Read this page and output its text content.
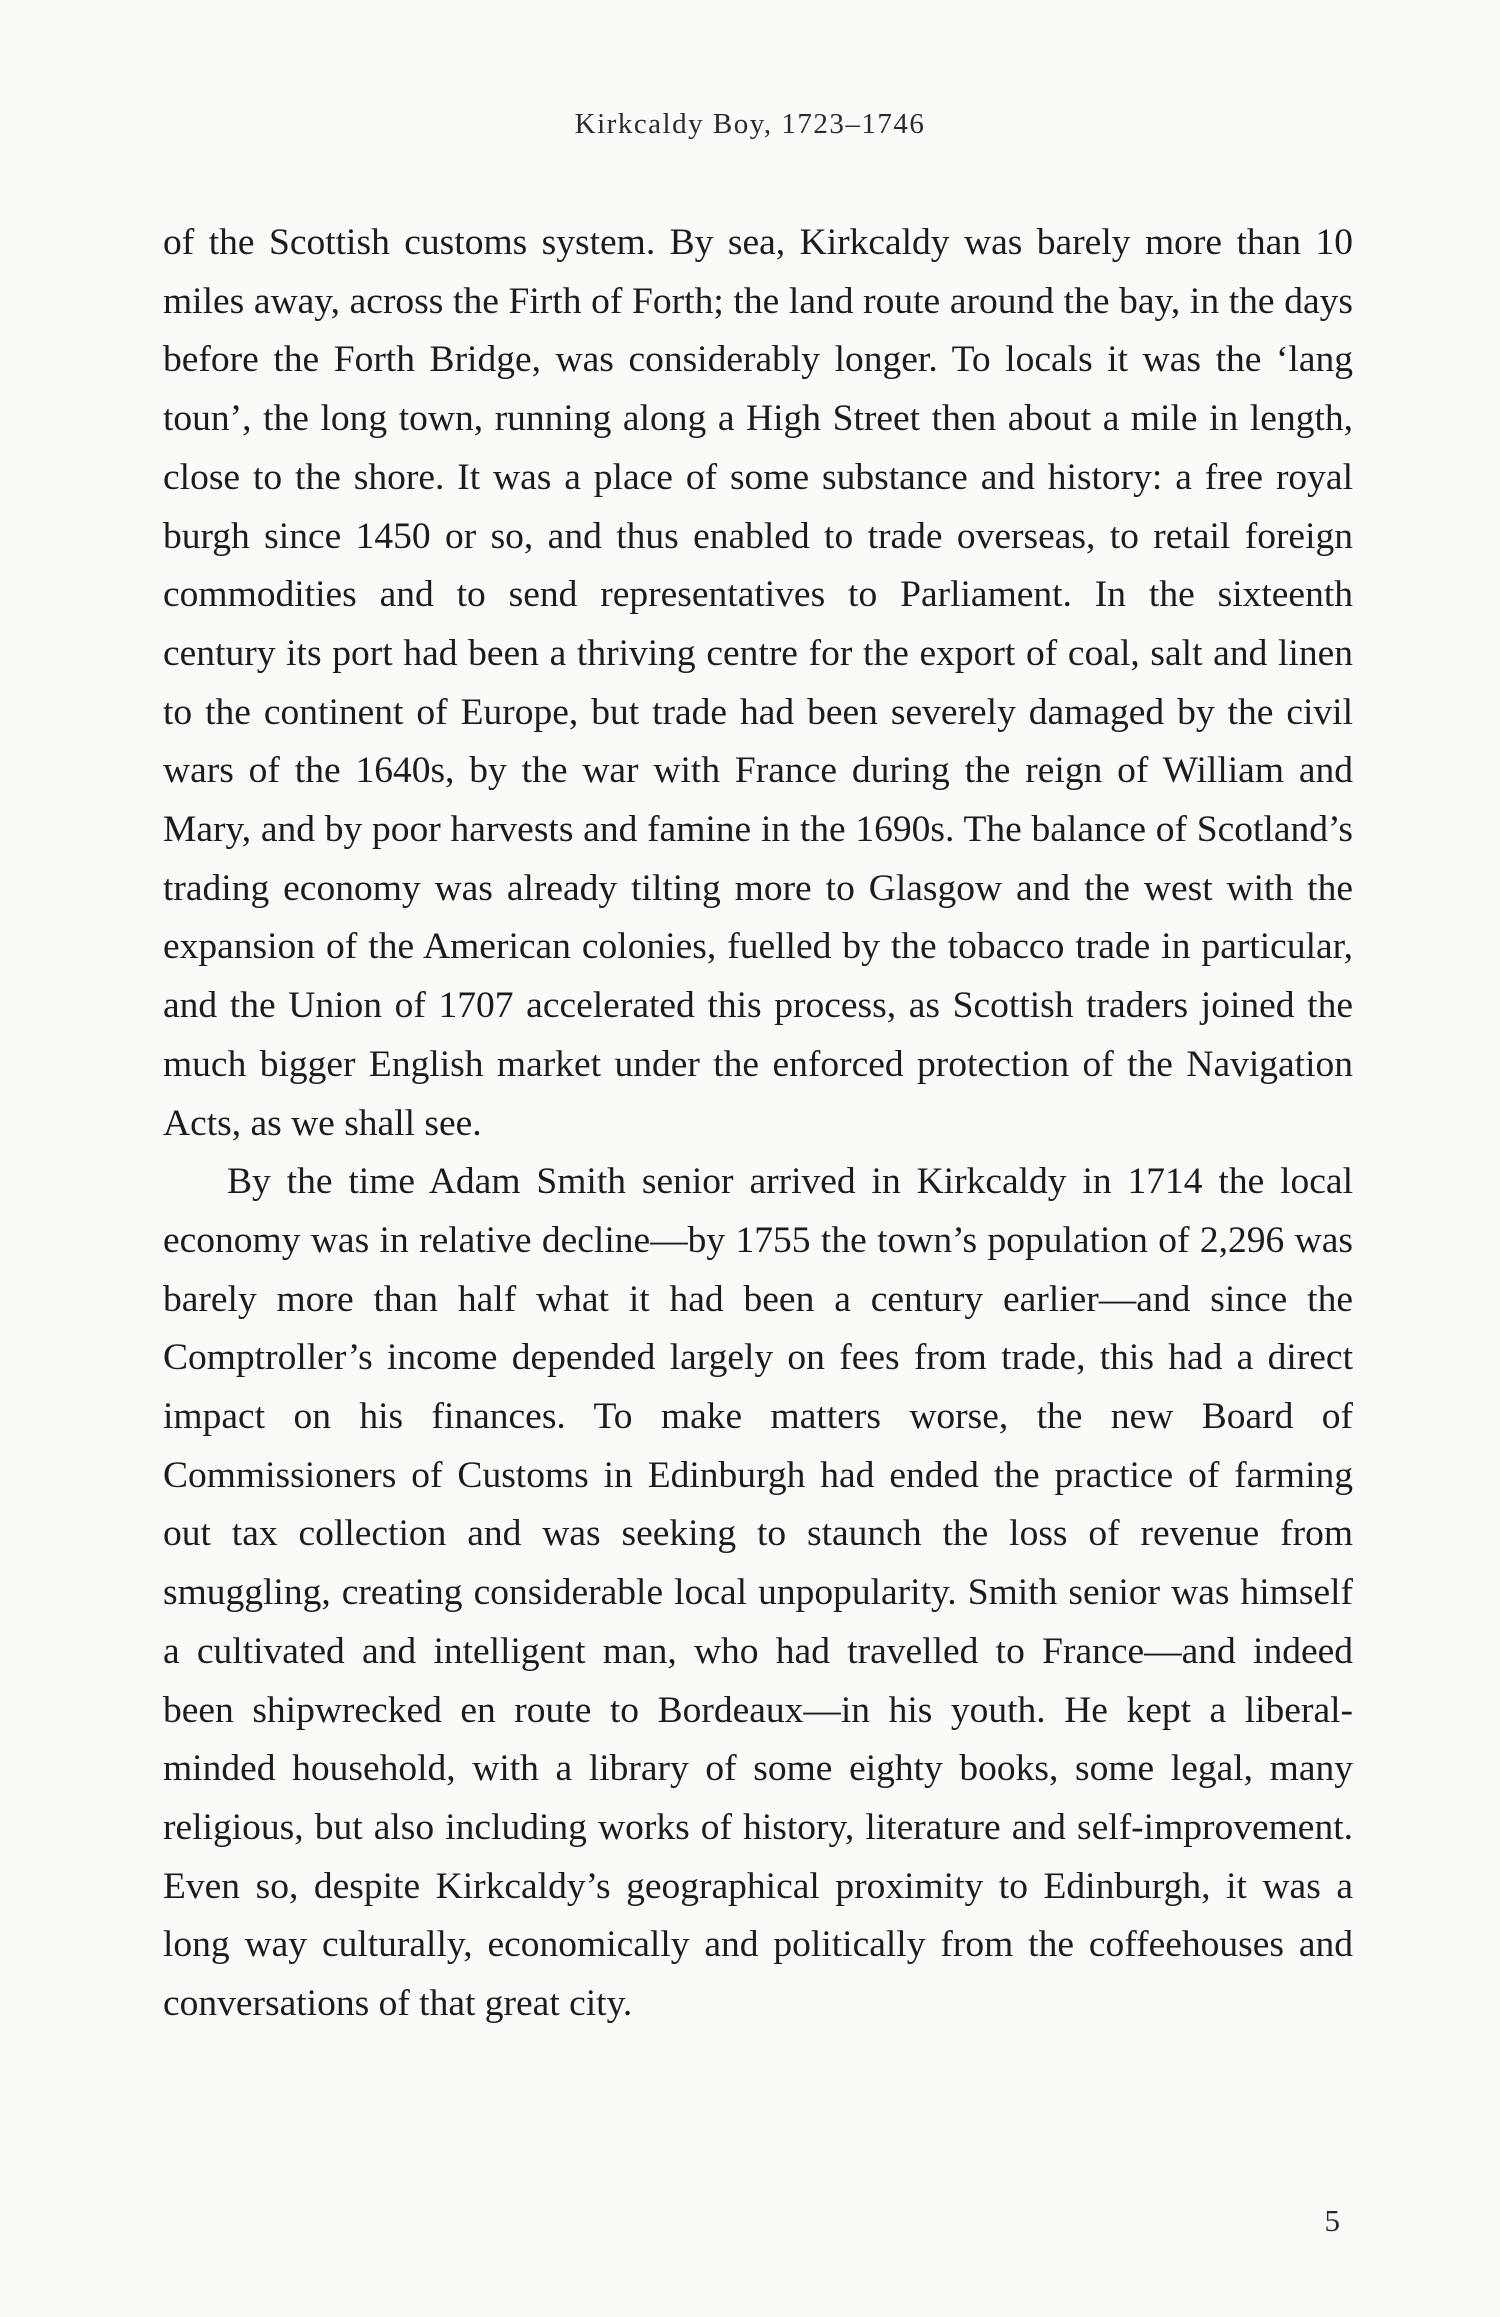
Kirkcaldy Boy, 1723–1746

of the Scottish customs system. By sea, Kirkcaldy was barely more than 10 miles away, across the Firth of Forth; the land route around the bay, in the days before the Forth Bridge, was considerably longer. To locals it was the ‘lang toun’, the long town, running along a High Street then about a mile in length, close to the shore. It was a place of some substance and history: a free royal burgh since 1450 or so, and thus enabled to trade overseas, to retail foreign commodities and to send representatives to Parliament. In the sixteenth century its port had been a thriving centre for the export of coal, salt and linen to the continent of Europe, but trade had been severely damaged by the civil wars of the 1640s, by the war with France during the reign of William and Mary, and by poor harvests and famine in the 1690s. The balance of Scotland’s trading economy was already tilting more to Glasgow and the west with the expansion of the American colonies, fuelled by the tobacco trade in particular, and the Union of 1707 accelerated this process, as Scottish traders joined the much bigger English market under the enforced protection of the Navigation Acts, as we shall see.

By the time Adam Smith senior arrived in Kirkcaldy in 1714 the local economy was in relative decline—by 1755 the town’s population of 2,296 was barely more than half what it had been a century earlier—and since the Comptroller’s income depended largely on fees from trade, this had a direct impact on his finances. To make matters worse, the new Board of Commissioners of Customs in Edinburgh had ended the practice of farming out tax collection and was seeking to staunch the loss of revenue from smuggling, creating considerable local unpopularity. Smith senior was himself a cultivated and intelligent man, who had travelled to France—and indeed been shipwrecked en route to Bordeaux—in his youth. He kept a liberal-minded household, with a library of some eighty books, some legal, many religious, but also including works of history, literature and self-improvement. Even so, despite Kirkcaldy’s geographical proximity to Edinburgh, it was a long way culturally, economically and politically from the coffeehouses and conversations of that great city.

5
